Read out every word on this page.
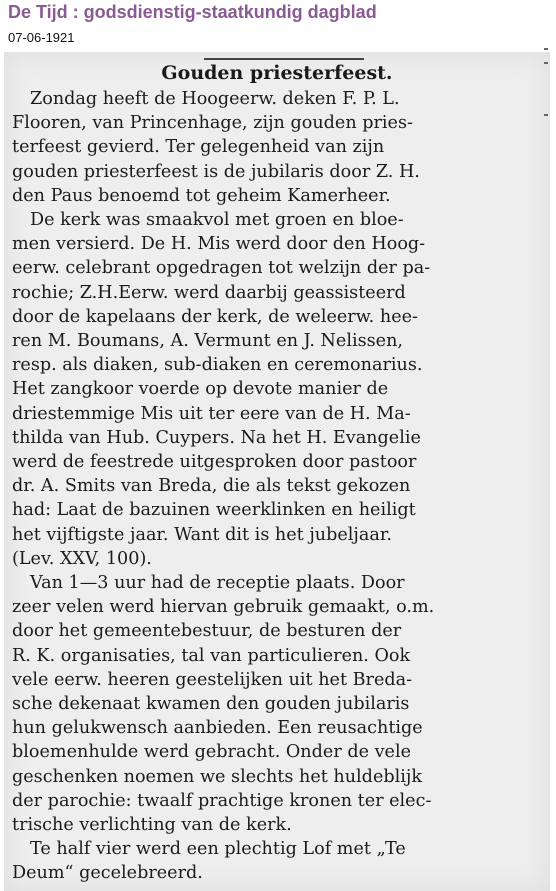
De Tijd : godsdienstig-staatkundig dagblad
07-06-1921
Gouden priesterfeest.
Zondag heeft de Hoogeerw. deken F. P. L.
Flooren, van Princenhage, zijn gouden pries-
terfeest gevierd. Ter gelegenheid van zijn
gouden priesterfeest is de jubilaris door Z. H.
den Paus benoemd tot geheim Kamerheer.
De kerk was smaakvol met groen en bloe-
men versierd. De H. Mis werd door den Hoog-
eerw. celebrant opgedragen tot welzijn der pa-
rochie; Z.H.Eerw. werd daarbij geassisteerd
door de kapelaans der kerk, de weleerw. hee-
ren M. Boumans, A. Vermunt en J. Nelissen,
resp. als diaken, sub-diaken en ceremonarius.
Het zangkoor voerde op devote manier de
driestemmige Mis uit ter eere van de H. Ma-
thilda van Hub. Cuypers. Na het H. Evangelie
werd de feestrede uitgesproken door pastoor
dr. A. Smits van Breda, die als tekst gekozen
had: Laat de bazuinen weerklinken en heiligt
het vijftigste jaar. Want dit is het jubeljaar.
(Lev. XXV, 100).
Van 1—3 uur had de receptie plaats. Door
zeer velen werd hiervan gebruik gemaakt, o.m.
door het gemeentebestuur, de besturen der
R. K. organisaties, tal van particulieren. Ook
vele eerw. heeren geestelijken uit het Breda-
sche dekenaat kwamen den gouden jubilaris
hun gelukwensch aanbieden. Een reusachtige
bloemenhulde werd gebracht. Onder de vele
geschenken noemen we slechts het huldeblijk
der parochie: twaalf prachtige kronen ter elec-
trische verlichting van de kerk.
Te half vier werd een plechtig Lof met „Te
Deum“ gecelebreerd.
